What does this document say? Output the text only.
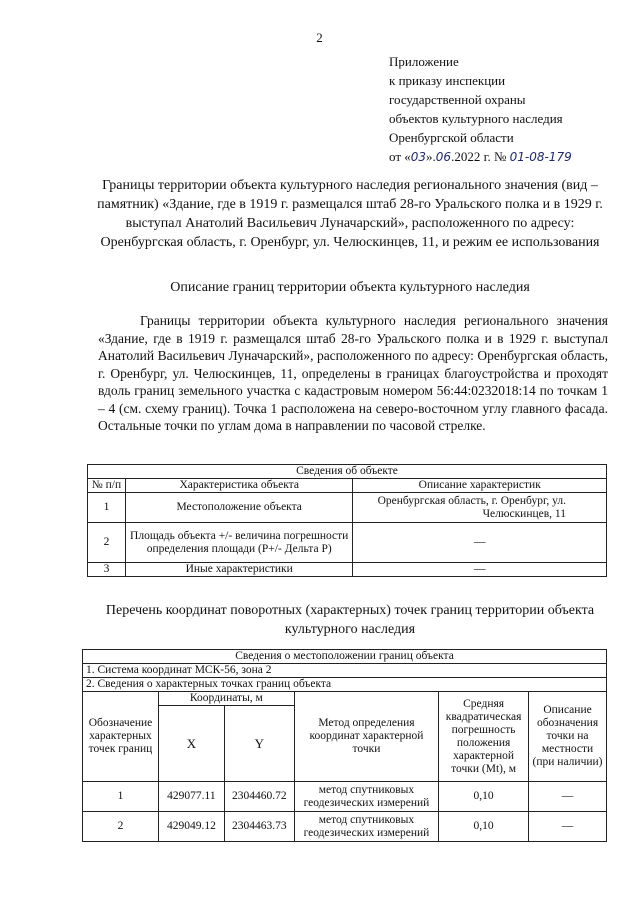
2
Приложение
к приказу инспекции
государственной охраны
объектов культурного наследия
Оренбургской области
от «03».06.2022 г. № 01-08-179
Границы территории объекта культурного наследия регионального значения (вид – памятник) «Здание, где в 1919 г. размещался штаб 28-го Уральского полка и в 1929 г. выступал Анатолий Васильевич Луначарский», расположенного по адресу: Оренбургская область, г. Оренбург, ул. Челюскинцев, 11, и режим ее использования
Описание границ территории объекта культурного наследия
Границы территории объекта культурного наследия регионального значения «Здание, где в 1919 г. размещался штаб 28-го Уральского полка и в 1929 г. выступал Анатолий Васильевич Луначарский», расположенного по адресу: Оренбургская область, г. Оренбург, ул. Челюскинцев, 11, определены в границах благоустройства и проходят вдоль границ земельного участка с кадастровым номером 56:44:0232018:14 по точкам 1 – 4 (см. схему границ). Точка 1 расположена на северо-восточном углу главного фасада. Остальные точки по углам дома в направлении по часовой стрелке.
Сведения об объекте		
№ п/п	Характеристика объекта	Описание характеристик
1	Местоположение объекта	Оренбургская область, г. Оренбург, ул. Челюскинцев, 11
2	Площадь объекта +/- величина погрешности определения площади (Р+/- Дельта Р)	—
3	Иные характеристики	—
Перечень координат поворотных (характерных) точек границ территории объекта культурного наследия
Сведения о местоположении границ объекта					
1. Система координат МСК-56, зона 2					
2. Сведения о характерных точках границ объекта					
Обозначение характерных точек границ	Координаты, м		Метод определения координат характерной точки	Средняя квадратическая погрешность положения характерной точки (Mt), м	Описание обозначения точки на местности (при наличии)
	X	Y			
1	429077.11	2304460.72	метод спутниковых геодезических измерений	0,10	—
2	429049.12	2304463.73	метод спутниковых геодезических измерений	0,10	—
